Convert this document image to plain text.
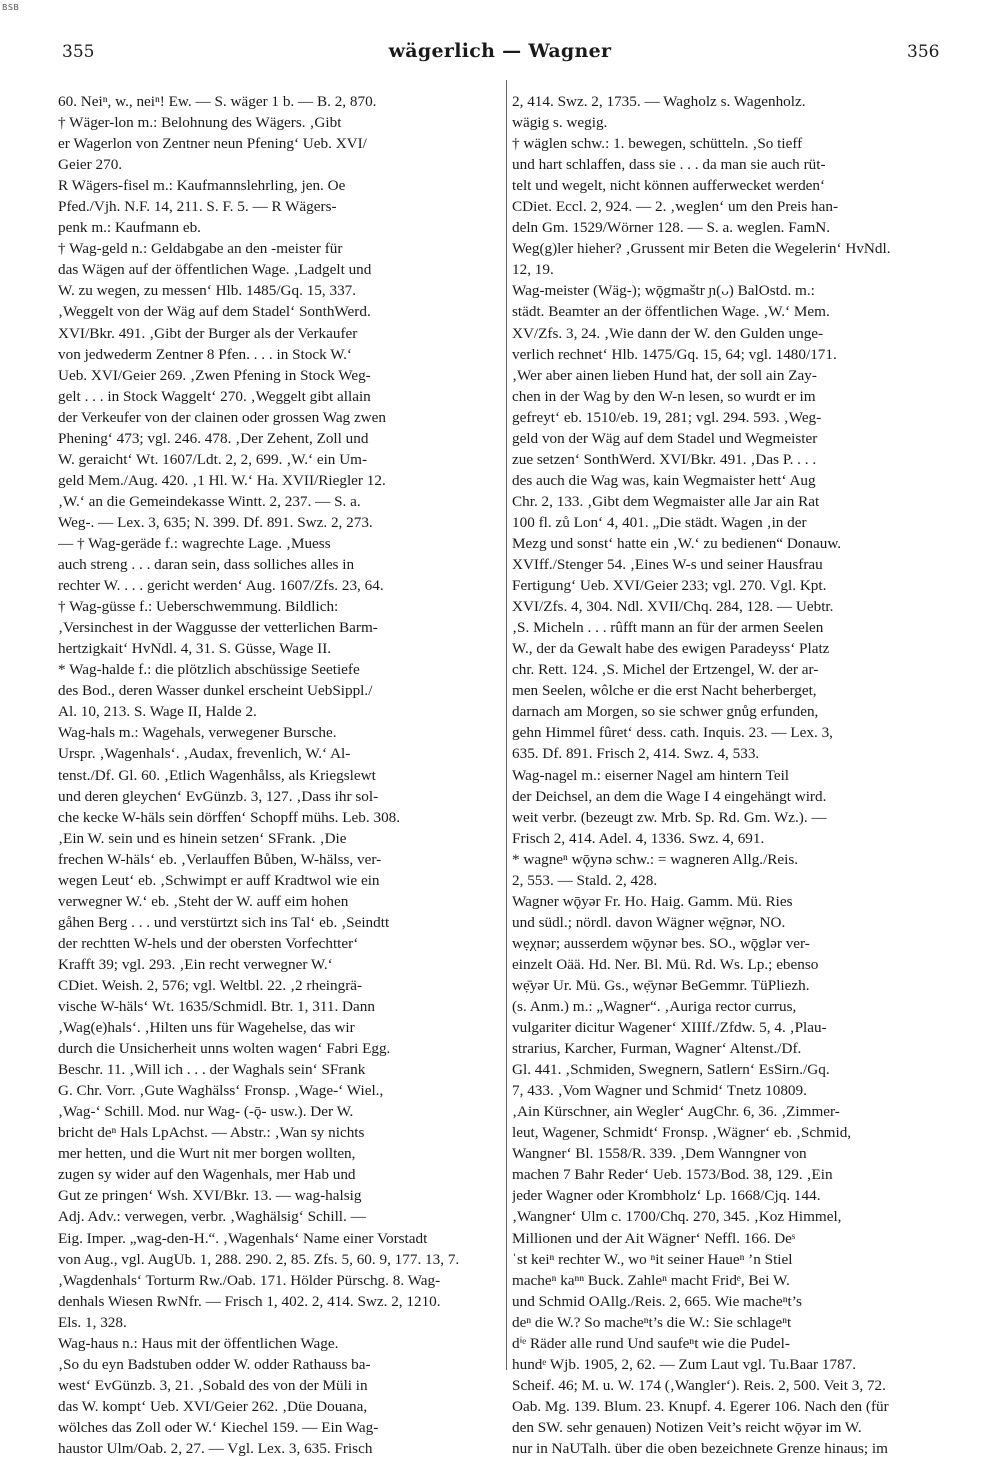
BSB
355	wägerlich — Wagner	356
60. Neiⁿ, w., neiⁿ! Ew. — S. wäger 1 b. — B. 2, 870.
† Wäger-lon m.: Belohnung des Wägers. ‚Gibt
er Wagerlon von Zentner neun Pfening‘ Ueb. XVI/
Geier 270.
R Wägers-fisel m.: Kaufmannslehrling, jen. Oe
Pfed./Vjh. N.F. 14, 211. S. F. 5. — R Wägers-
penk m.: Kaufmann eb.
† Wag-geld n.: Geldabgabe an den -meister für
das Wägen auf der öffentlichen Wage. ‚Ladgelt und
W. zu wegen, zu messen‘ Hlb. 1485/Gq. 15, 337.
‚Weggelt von der Wäg auf dem Stadel‘ SonthWerd.
XVI/Bkr. 491. ‚Gibt der Burger als der Verkaufer
von jedwederm Zentner 8 Pfen. . . . in Stock W.‘
Ueb. XVI/Geier 269. ‚Zwen Pfening in Stock Weg-
gelt . . . in Stock Waggelt‘ 270. ‚Weggelt gibt allain
der Verkeufer von der clainen oder grossen Wag zwen
Phening‘ 473; vgl. 246. 478. ‚Der Zehent, Zoll und
W. geraicht‘ Wt. 1607/Ldt. 2, 2, 699. ‚W.‘ ein Um-
geld Mem./Aug. 420. ‚1 Hl. W.‘ Ha. XVII/Riegler 12.
‚W.‘ an die Gemeindekasse Wintt. 2, 237. — S. a.
Weg-. — Lex. 3, 635; N. 399. Df. 891. Swz. 2, 273.
— † Wag-geräde f.: wagrechte Lage. ‚Muess
auch streng . . . daran sein, dass solliches alles in
rechter W. . . . gericht werden‘ Aug. 1607/Zfs. 23, 64.
† Wag-güsse f.: Ueberschwemmung. Bildlich:
‚Versinchest in der Waggusse der vetterlichen Barm-
hertzigkait‘ HvNdl. 4, 31. S. Güsse, Wage II.
* Wag-halde f.: die plötzlich abschüssige Seetiefe
des Bod., deren Wasser dunkel erscheint UebSippl./
Al. 10, 213. S. Wage II, Halde 2.
Wag-hals m.: Wagehals, verwegener Bursche.
Urspr. ‚Wagenhals‘. ‚Audax, frevenlich, W.‘ Al-
tenst./Df. Gl. 60. ‚Etlich Wagenhålss, als Kriegslewt
und deren gleychen‘ EvGünzb. 3, 127. ‚Dass ihr sol-
che kecke W-häls sein dörffen‘ Schopff mühs. Leb. 308.
‚Ein W. sein und es hinein setzen‘ SFrank. ‚Die
frechen W-häls‘ eb. ‚Verlauffen Bůben, W-hälss, ver-
wegen Leut‘ eb. ‚Schwimpt er auff Kradtwol wie ein
verwegner W.‘ eb. ‚Steht der W. auff eim hohen
gåhen Berg . . . und verstürtzt sich ins Tal‘ eb. ‚Seindtt
der rechtten W-hels und der obersten Vorfechtter‘
Krafft 39; vgl. 293. ‚Ein recht verwegner W.‘
CDiet. Weish. 2, 576; vgl. Weltbl. 22. ‚2 rheingrä-
vische W-häls‘ Wt. 1635/Schmidl. Btr. 1, 311. Dann
‚Wag(e)hals‘. ‚Hilten uns für Wagehelse, das wir
durch die Unsicherheit unns wolten wagen‘ Fabri Egg.
Beschr. 11. ‚Will ich . . . der Waghals sein‘ SFrank
G. Chr. Vorr. ‚Gute Waghälss‘ Fronsp. ‚Wage-‘ Wiel.,
‚Wag-‘ Schill. Mod. nur Wag- (-ǭ- usw.). Der W.
bricht deⁿ Hals LpAchst. — Abstr.: ‚Wan sy nichts
mer hetten, und die Wurt nit mer borgen wollten,
zugen sy wider auf den Wagenhals, mer Hab und
Gut ze pringen‘ Wsh. XVI/Bkr. 13. — wag-halsig
Adj. Adv.: verwegen, verbr. ‚Waghälsig‘ Schill. —
Eig. Imper. „wag-den-H.“. ‚Wagenhals‘ Name einer Vorstadt
von Aug., vgl. AugUb. 1, 288. 290. 2, 85. Zfs. 5, 60. 9, 177. 13, 7.
‚Wagdenhals‘ Torturm Rw./Oab. 171. Hölder Pürschg. 8. Wag-
denhals Wiesen RwNfr. — Frisch 1, 402. 2, 414. Swz. 2, 1210.
Els. 1, 328.
Wag-haus n.: Haus mit der öffentlichen Wage.
‚So du eyn Badstuben odder W. odder Rathauss ba-
west‘ EvGünzb. 3, 21. ‚Sobald des von der Müli in
das W. kompt‘ Ueb. XVI/Geier 262. ‚Düe Douana,
wölches das Zoll oder W.‘ Kiechel 159. — Ein Wag-
haustor Ulm/Oab. 2, 27. — Vgl. Lex. 3, 635. Frisch
2, 414. Swz. 2, 1735. — Wagholz s. Wagenholz.
wägig s. wegig.
† wäglen schw.: 1. bewegen, schütteln. ‚So tieff
und hart schlaffen, dass sie . . . da man sie auch rüt-
telt und wegelt, nicht können aufferwecket werden‘
CDiet. Eccl. 2, 924. — 2. ‚weglen‘ um den Preis han-
deln Gm. 1529/Wörner 128. — S. a. weglen. FamN.
Weg(g)ler hieher? ‚Grussent mir Beten die Wegelerin‘ HvNdl.
12, 19.
Wag-meister (Wäg-); wǭgmaštr ɲ(ᴗ) BalOstd. m.:
städt. Beamter an der öffentlichen Wage. ‚W.‘ Mem.
XV/Zfs. 3, 24. ‚Wie dann der W. den Gulden unge-
verlich rechnet‘ Hlb. 1475/Gq. 15, 64; vgl. 1480/171.
‚Wer aber ainen lieben Hund hat, der soll ain Zay-
chen in der Wag by den W-n lesen, so wurdt er im
gefreyt‘ eb. 1510/eb. 19, 281; vgl. 294. 593. ‚Weg-
geld von der Wäg auf dem Stadel und Wegmeister
zue setzen‘ SonthWerd. XVI/Bkr. 491. ‚Das P. . . .
des auch die Wag was, kain Wegmaister hett‘ Aug
Chr. 2, 133. ‚Gibt dem Wegmaister alle Jar ain Rat
100 fl. zů Lon‘ 4, 401. „Die städt. Wagen ‚in der
Mezg und sonst‘ hatte ein ‚W.‘ zu bedienen“ Donauw.
XVIff./Stenger 54. ‚Eines W-s und seiner Hausfrau
Fertigung‘ Ueb. XVI/Geier 233; vgl. 270. Vgl. Kpt.
XVI/Zfs. 4, 304. Ndl. XVII/Chq. 284, 128. — Uebtr.
‚S. Micheln . . . rûfft mann an für der armen Seelen
W., der da Gewalt habe des ewigen Paradeyss‘ Platz
chr. Rett. 124. ‚S. Michel der Ertzengel, W. der ar-
men Seelen, wôlche er die erst Nacht beherberget,
darnach am Morgen, so sie schwer gnůg erfunden,
gehn Himmel fûret‘ dess. cath. Inquis. 23. — Lex. 3,
635. Df. 891. Frisch 2, 414. Swz. 4, 533.
Wag-nagel m.: eiserner Nagel am hintern Teil
der Deichsel, an dem die Wage I 4 eingehängt wird.
weit verbr. (bezeugt zw. Mrb. Sp. Rd. Gm. Wz.). —
Frisch 2, 414. Adel. 4, 1336. Swz. 4, 691.
* wagneⁿ wǭynə schw.: = wagneren Allg./Reis.
2, 553. — Stald. 2, 428.
Wagner wǭyər Fr. Ho. Haig. Gamm. Mü. Ries
und südl.; nördl. davon Wägner wẹ̄gnər, NO.
wẹχnər; ausserdem wǭynər bes. SO., wǭglər ver-
einzelt Oää. Hd. Ner. Bl. Mü. Rd. Ws. Lp.; ebenso
wẹ̄yər Ur. Mü. Gs., wẹ̄ynər BeGemmr. TüPliezh.
(s. Anm.) m.: „Wagner“. ‚Auriga rector currus,
vulgariter dicitur Wagener‘ XIIIf./Zfdw. 5, 4. ‚Plau-
strarius, Karcher, Furman, Wagner‘ Altenst./Df.
Gl. 441. ‚Schmiden, Swegnern, Satlern‘ EsSirn./Gq.
7, 433. ‚Vom Wagner und Schmid‘ Tnetz 10809.
‚Ain Kürschner, ain Wegler‘ AugChr. 6, 36. ‚Zimmer-
leut, Wagener, Schmidt‘ Fronsp. ‚Wägner‘ eb. ‚Schmid,
Wangner‘ Bl. 1558/R. 339. ‚Dem Wanngner von
machen 7 Bahr Reder‘ Ueb. 1573/Bod. 38, 129. ‚Ein
jeder Wagner oder Krombholz‘ Lp. 1668/Cjq. 144.
‚Wangner‘ Ulm c. 1700/Chq. 270, 345. ‚Koz Himmel,
Millionen und der Ait Wägner‘ Neffl. 166. Deˢ
ˈst keiⁿ rechter W., wo ⁿit seiner Haueⁿ ’n Stiel
macheⁿ kaⁿⁿ Buck. Zahleⁿ macht Fridᵉ, Bei W.
und Schmid OAllg./Reis. 2, 665. Wie macheⁿt’s
deⁿ die W.? So macheⁿt’s die W.: Sie schlageⁿt
dⁱᵉ Räder alle rund Und saufeⁿt wie die Pudel-
hundᵉ Wjb. 1905, 2, 62. — Zum Laut vgl. Tu.Baar 1787.
Scheif. 46; M. u. W. 174 (‚Wangler‘). Reis. 2, 500. Veit 3, 72.
Oab. Mg. 139. Blum. 23. Knupf. 4. Egerer 106. Nach den (für
den SW. sehr genauen) Notizen Veit’s reicht wǭyər im W.
nur in NaUTalh. über die oben bezeichnete Grenze hinaus; im
